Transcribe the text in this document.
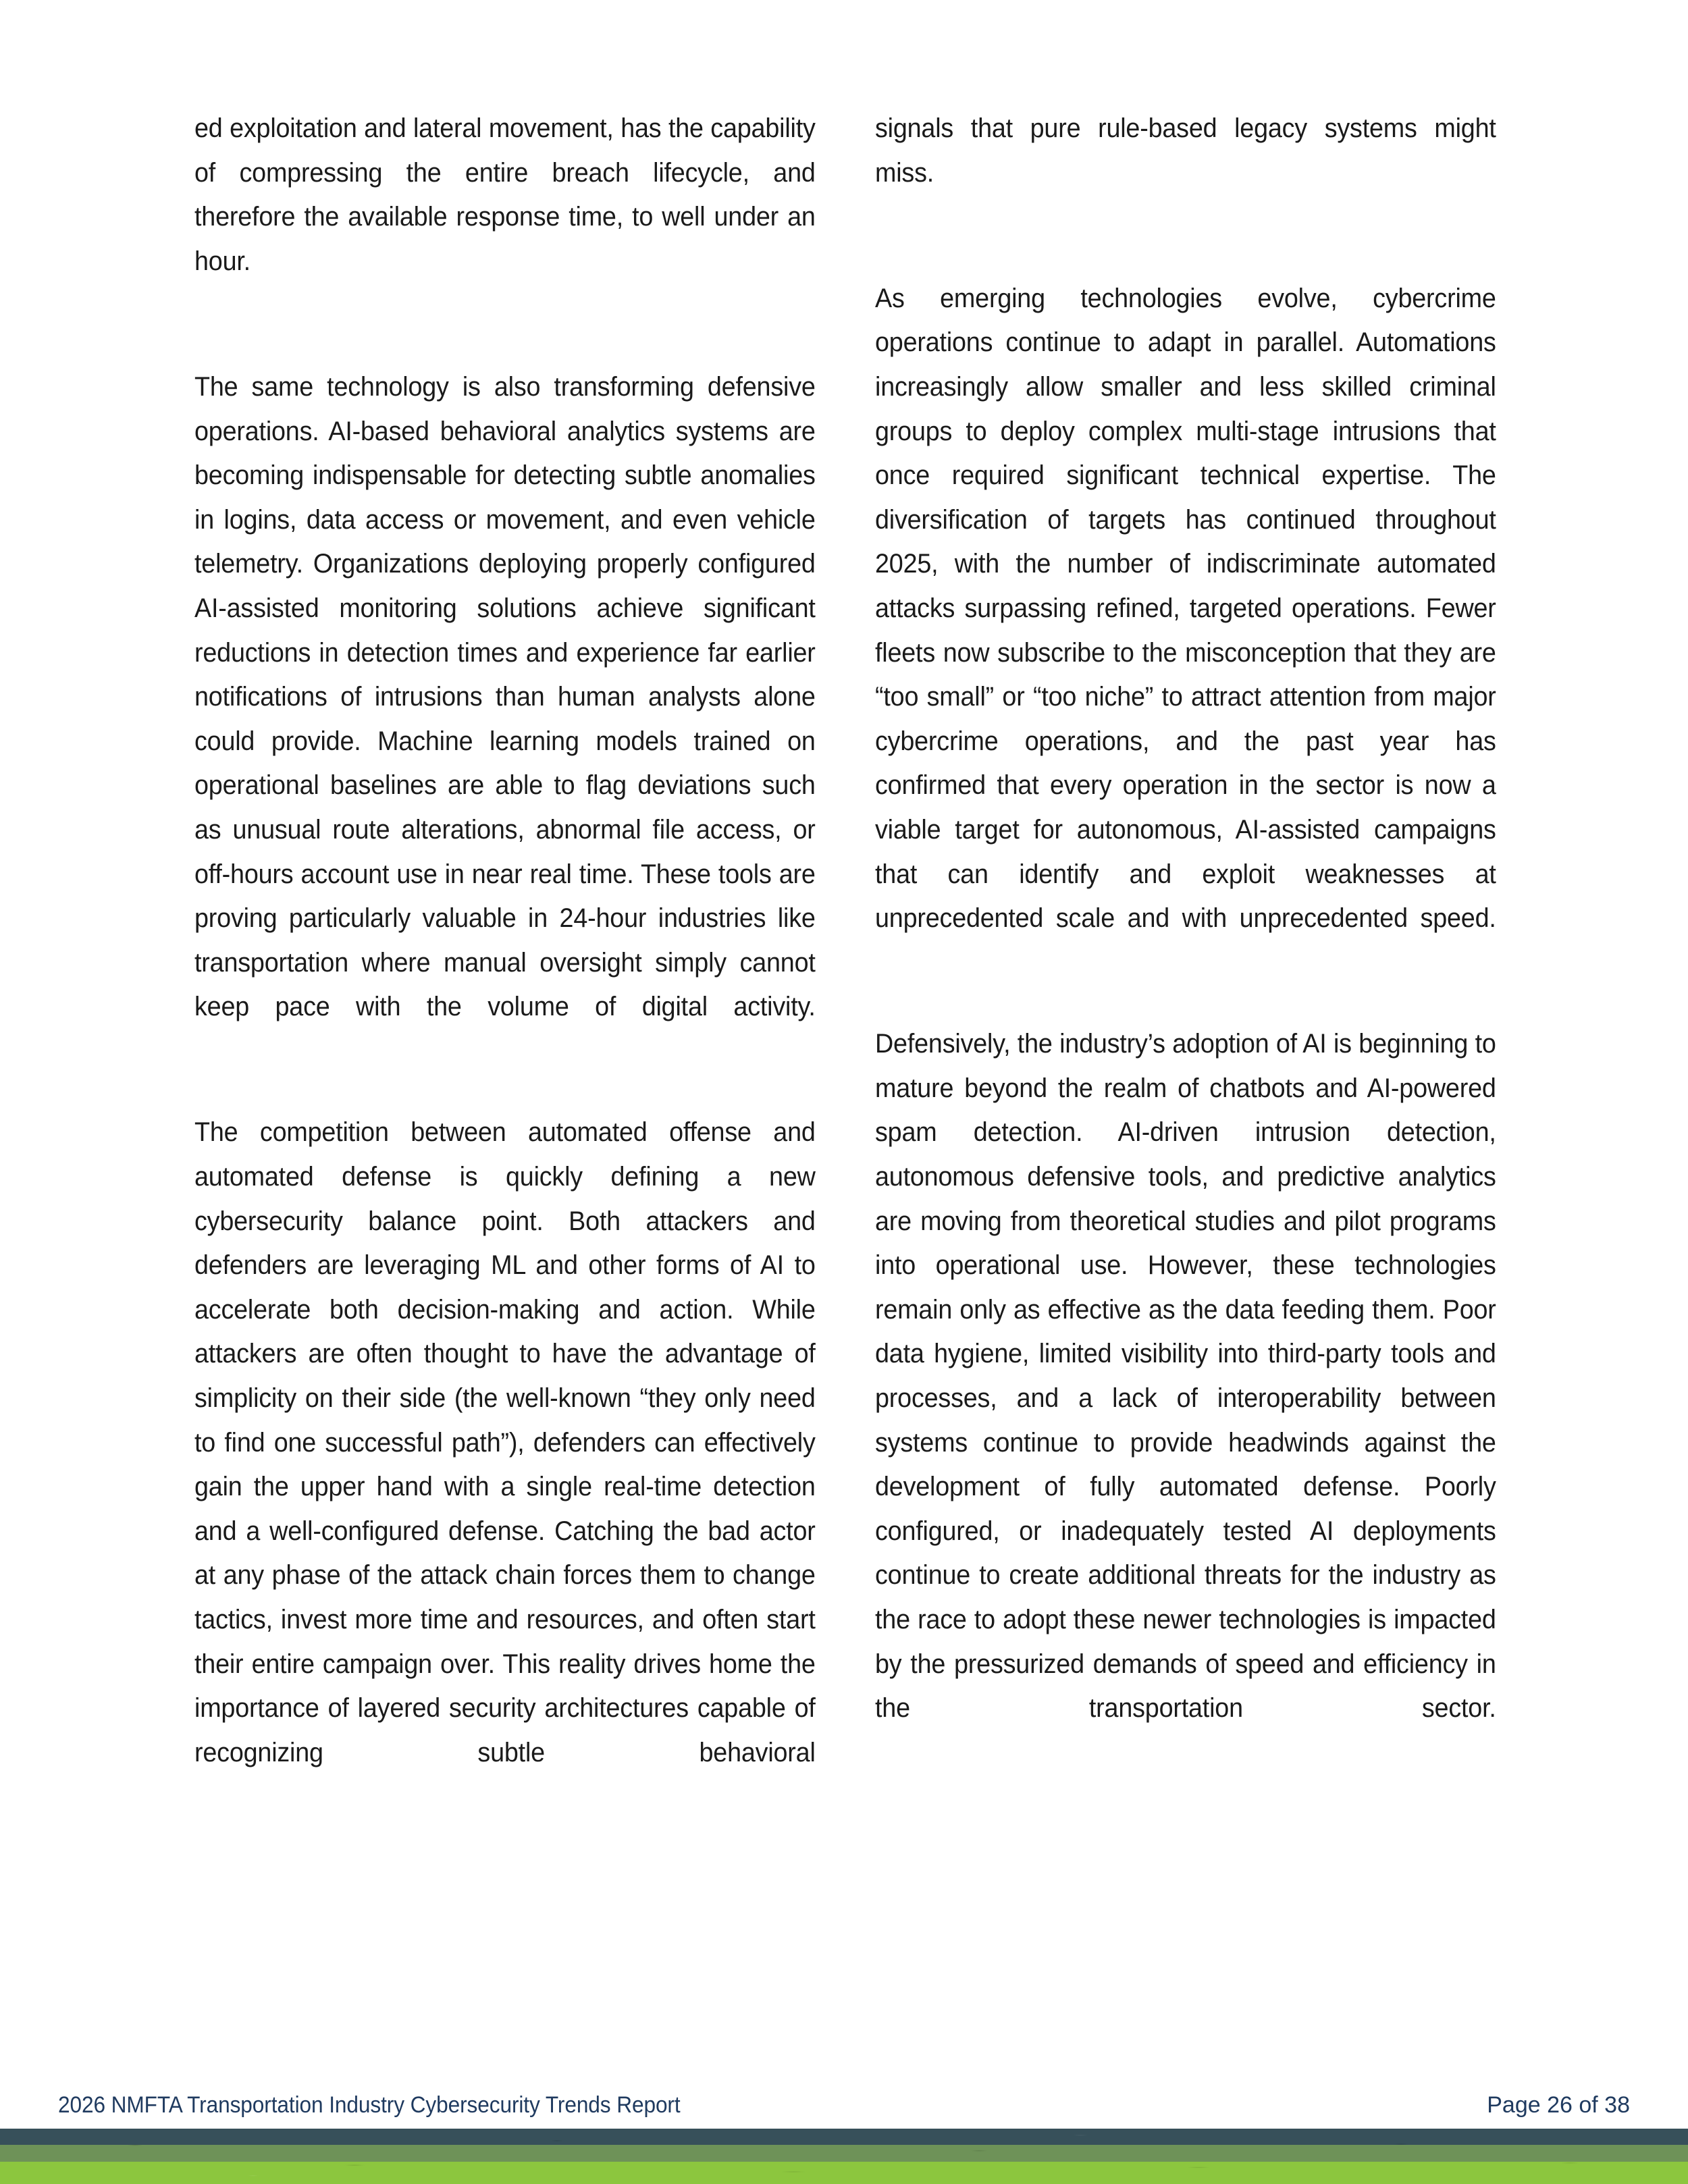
ed exploitation and lateral movement, has the capability of compressing the entire breach lifecycle, and therefore the available response time, to well under an hour.

The same technology is also transforming defensive operations. AI-based behavioral analytics systems are becoming indispensable for detecting subtle anomalies in logins, data access or movement, and even vehicle telemetry. Organizations deploying properly configured AI-assisted monitoring solutions achieve significant reductions in detection times and experience far earlier notifications of intrusions than human analysts alone could provide. Machine learning models trained on operational baselines are able to flag deviations such as unusual route alterations, abnormal file access, or off-hours account use in near real time. These tools are proving particularly valuable in 24-hour industries like transportation where manual oversight simply cannot keep pace with the volume of digital activity.

The competition between automated offense and automated defense is quickly defining a new cybersecurity balance point. Both attackers and defenders are leveraging ML and other forms of AI to accelerate both decision-making and action. While attackers are often thought to have the advantage of simplicity on their side (the well-known “they only need to find one successful path”), defenders can effectively gain the upper hand with a single real-time detection and a well-configured defense. Catching the bad actor at any phase of the attack chain forces them to change tactics, invest more time and resources, and often start their entire campaign over. This reality drives home the importance of layered security architectures capable of recognizing subtle behavioral

signals that pure rule-based legacy systems might miss.

As emerging technologies evolve, cybercrime operations continue to adapt in parallel. Automations increasingly allow smaller and less skilled criminal groups to deploy complex multi-stage intrusions that once required significant technical expertise. The diversification of targets has continued throughout 2025, with the number of indiscriminate automated attacks surpassing refined, targeted operations. Fewer fleets now subscribe to the misconception that they are “too small” or “too niche” to attract attention from major cybercrime operations, and the past year has confirmed that every operation in the sector is now a viable target for autonomous, AI-assisted campaigns that can identify and exploit weaknesses at unprecedented scale and with unprecedented speed.

Defensively, the industry’s adoption of AI is beginning to mature beyond the realm of chatbots and AI-powered spam detection. AI-driven intrusion detection, autonomous defensive tools, and predictive analytics are moving from theoretical studies and pilot programs into operational use. However, these technologies remain only as effective as the data feeding them. Poor data hygiene, limited visibility into third-party tools and processes, and a lack of interoperability between systems continue to provide headwinds against the development of fully automated defense. Poorly configured, or inadequately tested AI deployments continue to create additional threats for the industry as the race to adopt these newer technologies is impacted by the pressurized demands of speed and efficiency in the transportation sector.

2026 NMFTA Transportation Industry Cybersecurity Trends Report	Page 26 of 38
